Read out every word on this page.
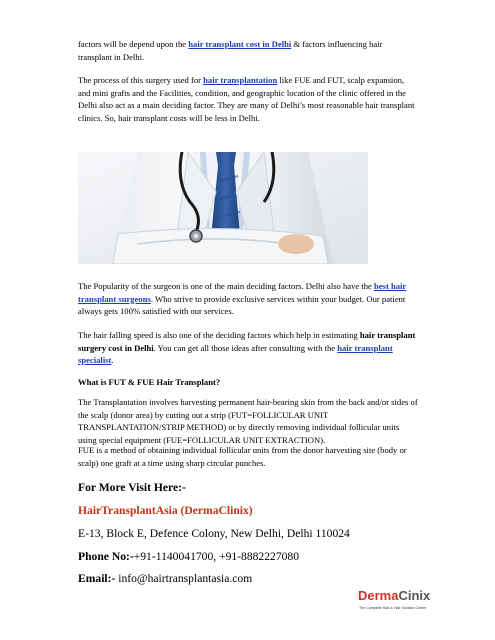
factors will be depend upon the hair transplant cost in Delhi & factors influencing hair transplant in Delhi.

The process of this surgery used for hair transplantation like FUE and FUT, scalp expansion, and mini grafts and the Facilities, condition, and geographic location of the clinic offered in the Delhi also act as a main deciding factor. They are many of Delhi’s most reasonable hair transplant clinics. So, hair transplant costs will be less in Delhi.

The Popularity of the surgeon is one of the main deciding factors. Delhi also have the best hair transplant surgeons. Who strive to provide exclusive services within your budget. Our patient always gets 100% satisfied with our services.

The hair falling speed is also one of the deciding factors which help in estimating hair transplant surgery cost in Delhi. You can get all those ideas after consulting with the hair transplant specialist.

What is FUT & FUE Hair Transplant?

The Transplantation involves harvesting permanent hair-bearing skin from the back and/or sides of the scalp (donor area) by cutting out a strip (FUT=FOLLICULAR UNIT TRANSPLANTATION/STRIP METHOD) or by directly removing individual follicular units using special equipment (FUE=FOLLICULAR UNIT EXTRACTION).

FUE is a method of obtaining individual follicular units from the donor harvesting site (body or scalp) one graft at a time using sharp circular punches.

For More Visit Here:-
HairTransplantAsia (DermaClinix)
E-13, Block E, Defence Colony, New Delhi, Delhi 110024
Phone No:-+91-1140041700, +91-8882227080
Email:- info@hairtransplantasia.com
DermaCinix
The Complete Skin & Hair Solution Center
